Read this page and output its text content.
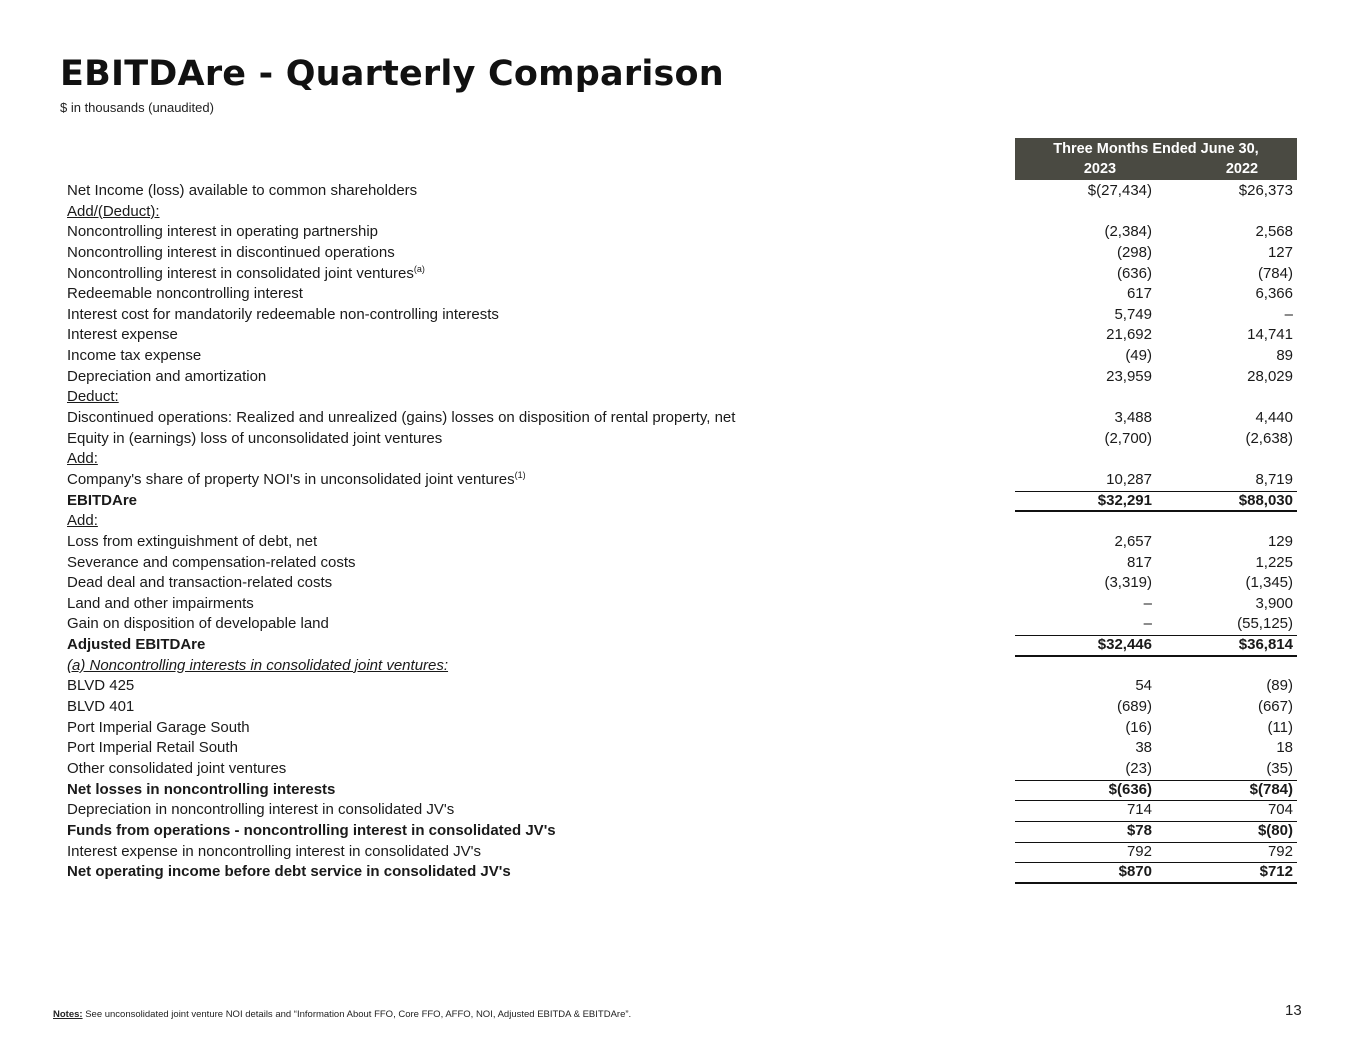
EBITDAre - Quarterly Comparison
$ in thousands (unaudited)
Three Months Ended June 30,
2023	2022
Net Income (loss) available to common shareholders	$(27,434)	$26,373
Add/(Deduct):
Noncontrolling interest in operating partnership	(2,384)	2,568
Noncontrolling interest in discontinued operations	(298)	127
Noncontrolling interest in consolidated joint ventures$^{(a)}$	(636)	(784)
Redeemable noncontrolling interest	617	6,366
Interest cost for mandatorily redeemable non-controlling interests	5,749	–
Interest expense	21,692	14,741
Income tax expense	(49)	89
Depreciation and amortization	23,959	28,029
Deduct:
Discontinued operations: Realized and unrealized (gains) losses on disposition of rental property, net	3,488	4,440
Equity in (earnings) loss of unconsolidated joint ventures	(2,700)	(2,638)
Add:
Company's share of property NOI's in unconsolidated joint ventures$^{(1)}$	10,287	8,719
EBITDAre	$32,291	$88,030
Add:
Loss from extinguishment of debt, net	2,657	129
Severance and compensation-related costs	817	1,225
Dead deal and transaction-related costs	(3,319)	(1,345)
Land and other impairments	–	3,900
Gain on disposition of developable land	–	(55,125)
Adjusted EBITDAre	$32,446	$36,814
(a) Noncontrolling interests in consolidated joint ventures:
BLVD 425	54	(89)
BLVD 401	(689)	(667)
Port Imperial Garage South	(16)	(11)
Port Imperial Retail South	38	18
Other consolidated joint ventures	(23)	(35)
Net losses in noncontrolling interests	$(636)	$(784)
Depreciation in noncontrolling interest in consolidated JV's	714	704
Funds from operations - noncontrolling interest in consolidated JV's	$78	$(80)
Interest expense in noncontrolling interest in consolidated JV's	792	792
Net operating income before debt service in consolidated JV's	$870	$712
Notes: See unconsolidated joint venture NOI details and “Information About FFO, Core FFO, AFFO, NOI, Adjusted EBITDA & EBITDAre”.	13
